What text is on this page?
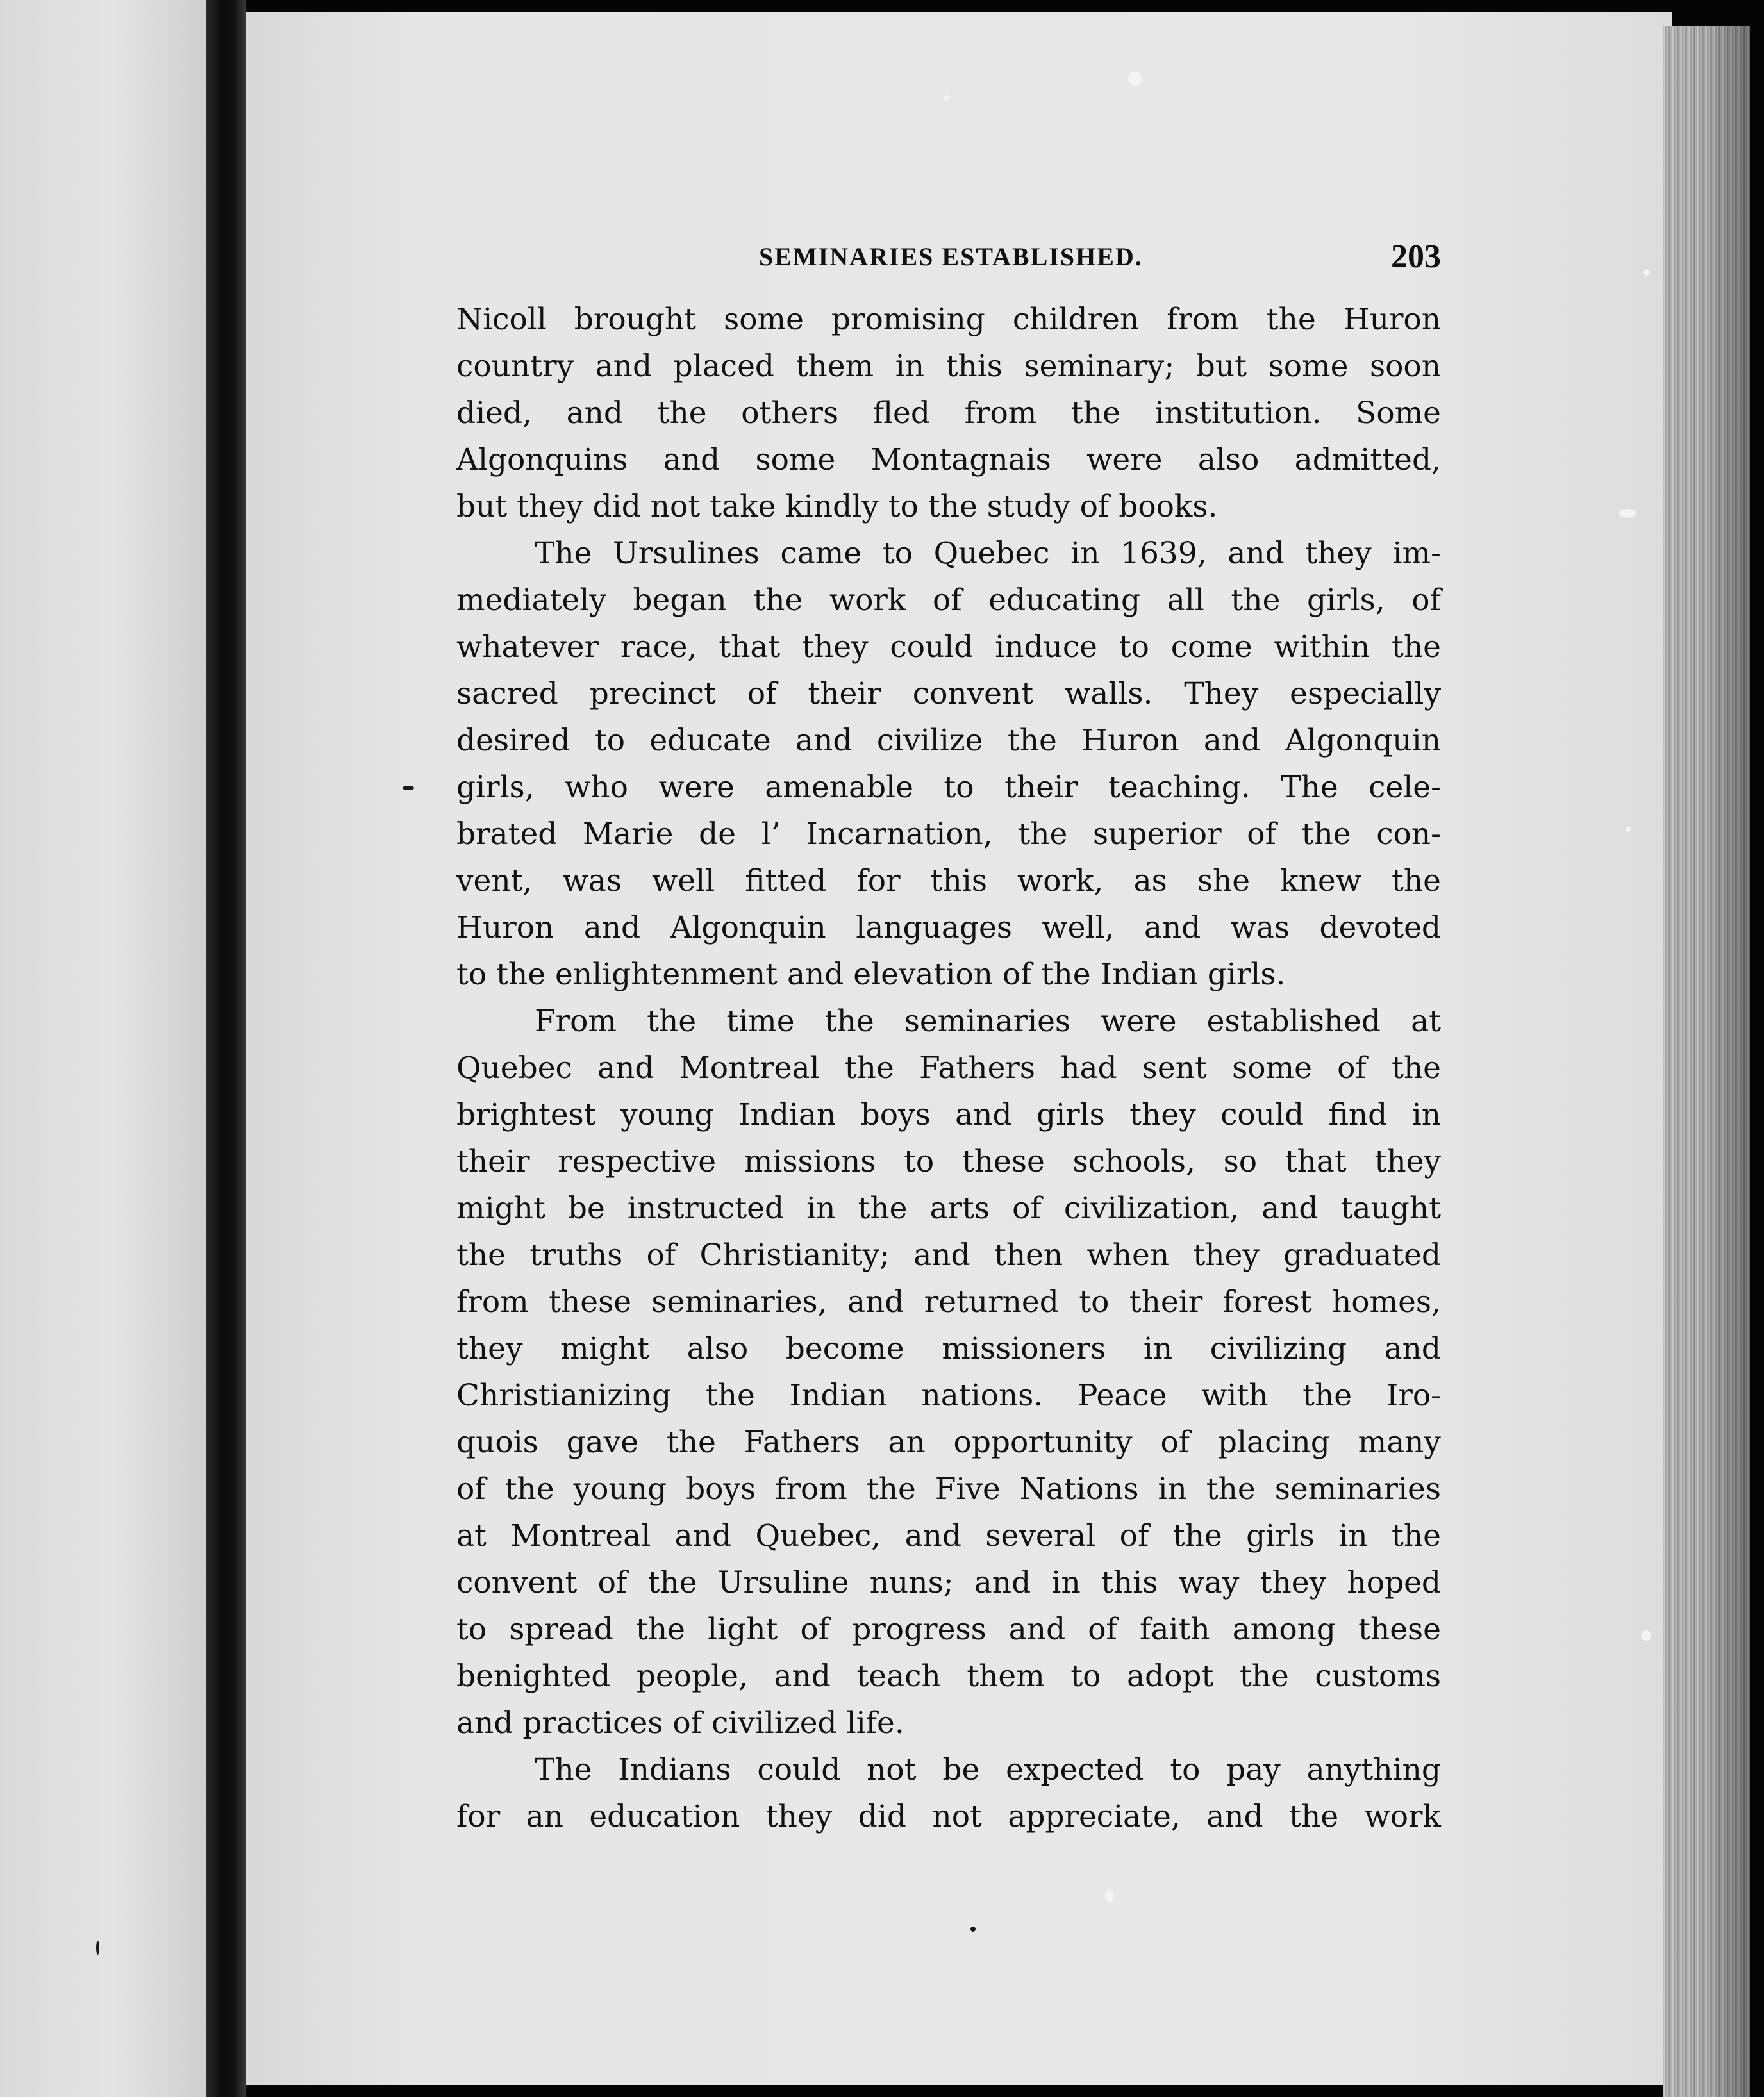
SEMINARIES ESTABLISHED.	203
Nicoll brought some promising children from the Huron
country and placed them in this seminary; but some soon
died, and the others fled from the institution. Some
Algonquins and some Montagnais were also admitted,
but they did not take kindly to the study of books.
The Ursulines came to Quebec in 1639, and they im-
mediately began the work of educating all the girls, of
whatever race, that they could induce to come within the
sacred precinct of their convent walls. They especially
desired to educate and civilize the Huron and Algonquin
girls, who were amenable to their teaching. The cele-
brated Marie de l’ Incarnation, the superior of the con-
vent, was well fitted for this work, as she knew the
Huron and Algonquin languages well, and was devoted
to the enlightenment and elevation of the Indian girls.
From the time the seminaries were established at
Quebec and Montreal the Fathers had sent some of the
brightest young Indian boys and girls they could find in
their respective missions to these schools, so that they
might be instructed in the arts of civilization, and taught
the truths of Christianity; and then when they graduated
from these seminaries, and returned to their forest homes,
they might also become missioners in civilizing and
Christianizing the Indian nations. Peace with the Iro-
quois gave the Fathers an opportunity of placing many
of the young boys from the Five Nations in the seminaries
at Montreal and Quebec, and several of the girls in the
convent of the Ursuline nuns; and in this way they hoped
to spread the light of progress and of faith among these
benighted people, and teach them to adopt the customs
and practices of civilized life.
The Indians could not be expected to pay anything
for an education they did not appreciate, and the work
